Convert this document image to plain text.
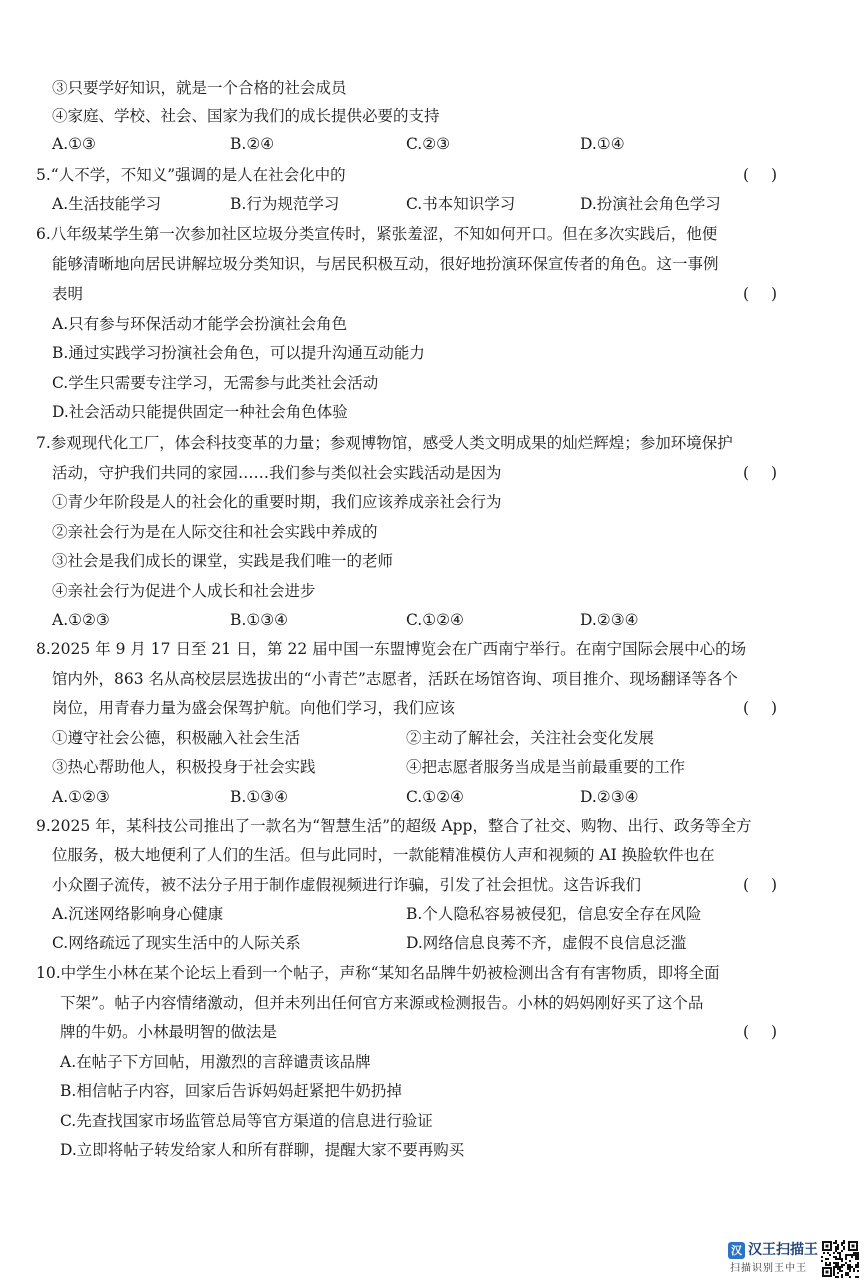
③只要学好知识，就是一个合格的社会成员
④家庭、学校、社会、国家为我们的成长提供必要的支持
A.①③	B.②④	C.②③	D.①④
5.“人不学，不知义”强调的是人在社会化中的	()
A.生活技能学习	B.行为规范学习	C.书本知识学习	D.扮演社会角色学习
6.八年级某学生第一次参加社区垃圾分类宣传时，紧张羞涩，不知如何开口。但在多次实践后，他便
能够清晰地向居民讲解垃圾分类知识，与居民积极互动，很好地扮演环保宣传者的角色。这一事例
表明	()
A.只有参与环保活动才能学会扮演社会角色
B.通过实践学习扮演社会角色，可以提升沟通互动能力
C.学生只需要专注学习，无需参与此类社会活动
D.社会活动只能提供固定一种社会角色体验
7.参观现代化工厂，体会科技变革的力量；参观博物馆，感受人类文明成果的灿烂辉煌；参加环境保护
活动，守护我们共同的家园……我们参与类似社会实践活动是因为	()
①青少年阶段是人的社会化的重要时期，我们应该养成亲社会行为
②亲社会行为是在人际交往和社会实践中养成的
③社会是我们成长的课堂，实践是我们唯一的老师
④亲社会行为促进个人成长和社会进步
A.①②③	B.①③④	C.①②④	D.②③④
8.2025 年 9 月 17 日至 21 日，第 22 届中国一东盟博览会在广西南宁举行。在南宁国际会展中心的场
馆内外，863 名从高校层层选拔出的“小青芒”志愿者，活跃在场馆咨询、项目推介、现场翻译等各个
岗位，用青春力量为盛会保驾护航。向他们学习，我们应该	()
①遵守社会公德，积极融入社会生活	②主动了解社会，关注社会变化发展
③热心帮助他人，积极投身于社会实践	④把志愿者服务当成是当前最重要的工作
A.①②③	B.①③④	C.①②④	D.②③④
9.2025 年，某科技公司推出了一款名为“智慧生活”的超级 App，整合了社交、购物、出行、政务等全方
位服务，极大地便利了人们的生活。但与此同时，一款能精准模仿人声和视频的 AI 换脸软件也在
小众圈子流传，被不法分子用于制作虚假视频进行诈骗，引发了社会担忧。这告诉我们	()
A.沉迷网络影响身心健康	B.个人隐私容易被侵犯，信息安全存在风险
C.网络疏远了现实生活中的人际关系	D.网络信息良莠不齐，虚假不良信息泛滥
10.中学生小林在某个论坛上看到一个帖子，声称“某知名品牌牛奶被检测出含有有害物质，即将全面
下架”。帖子内容情绪激动，但并未列出任何官方来源或检测报告。小林的妈妈刚好买了这个品
牌的牛奶。小林最明智的做法是	()
A.在帖子下方回帖，用激烈的言辞谴责该品牌
B.相信帖子内容，回家后告诉妈妈赶紧把牛奶扔掉
C.先查找国家市场监管总局等官方渠道的信息进行验证
D.立即将帖子转发给家人和所有群聊，提醒大家不要再购买
汉 汉王扫描王
扫描识别王中王
